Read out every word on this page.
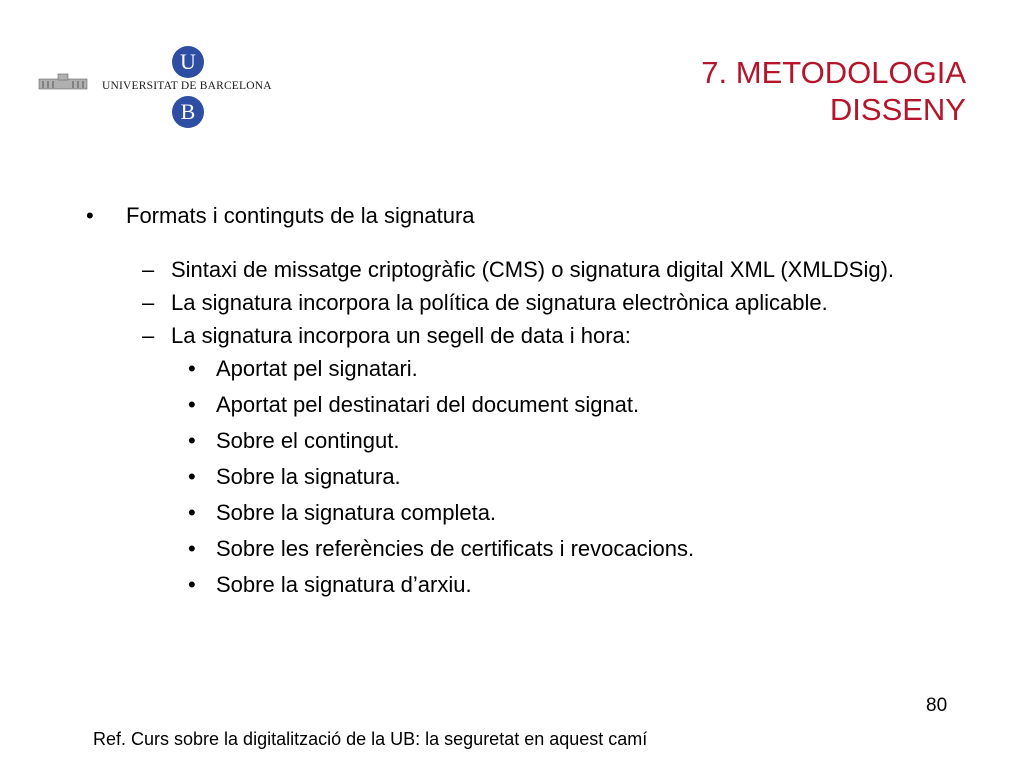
U
UNIVERSITAT DE BARCELONA
B
7. METODOLOGIA
DISSENY
• Formats i continguts de la signatura
– Sintaxi de missatge criptogràfic (CMS) o signatura digital XML (XMLDSig).
– La signatura incorpora la política de signatura electrònica aplicable.
– La signatura incorpora un segell de data i hora:
• Aportat pel signatari.
• Aportat pel destinatari del document signat.
• Sobre el contingut.
• Sobre la signatura.
• Sobre la signatura completa.
• Sobre les referències de certificats i revocacions.
• Sobre la signatura d’arxiu.
80
Ref. Curs sobre la digitalització de la UB: la seguretat en aquest camí
